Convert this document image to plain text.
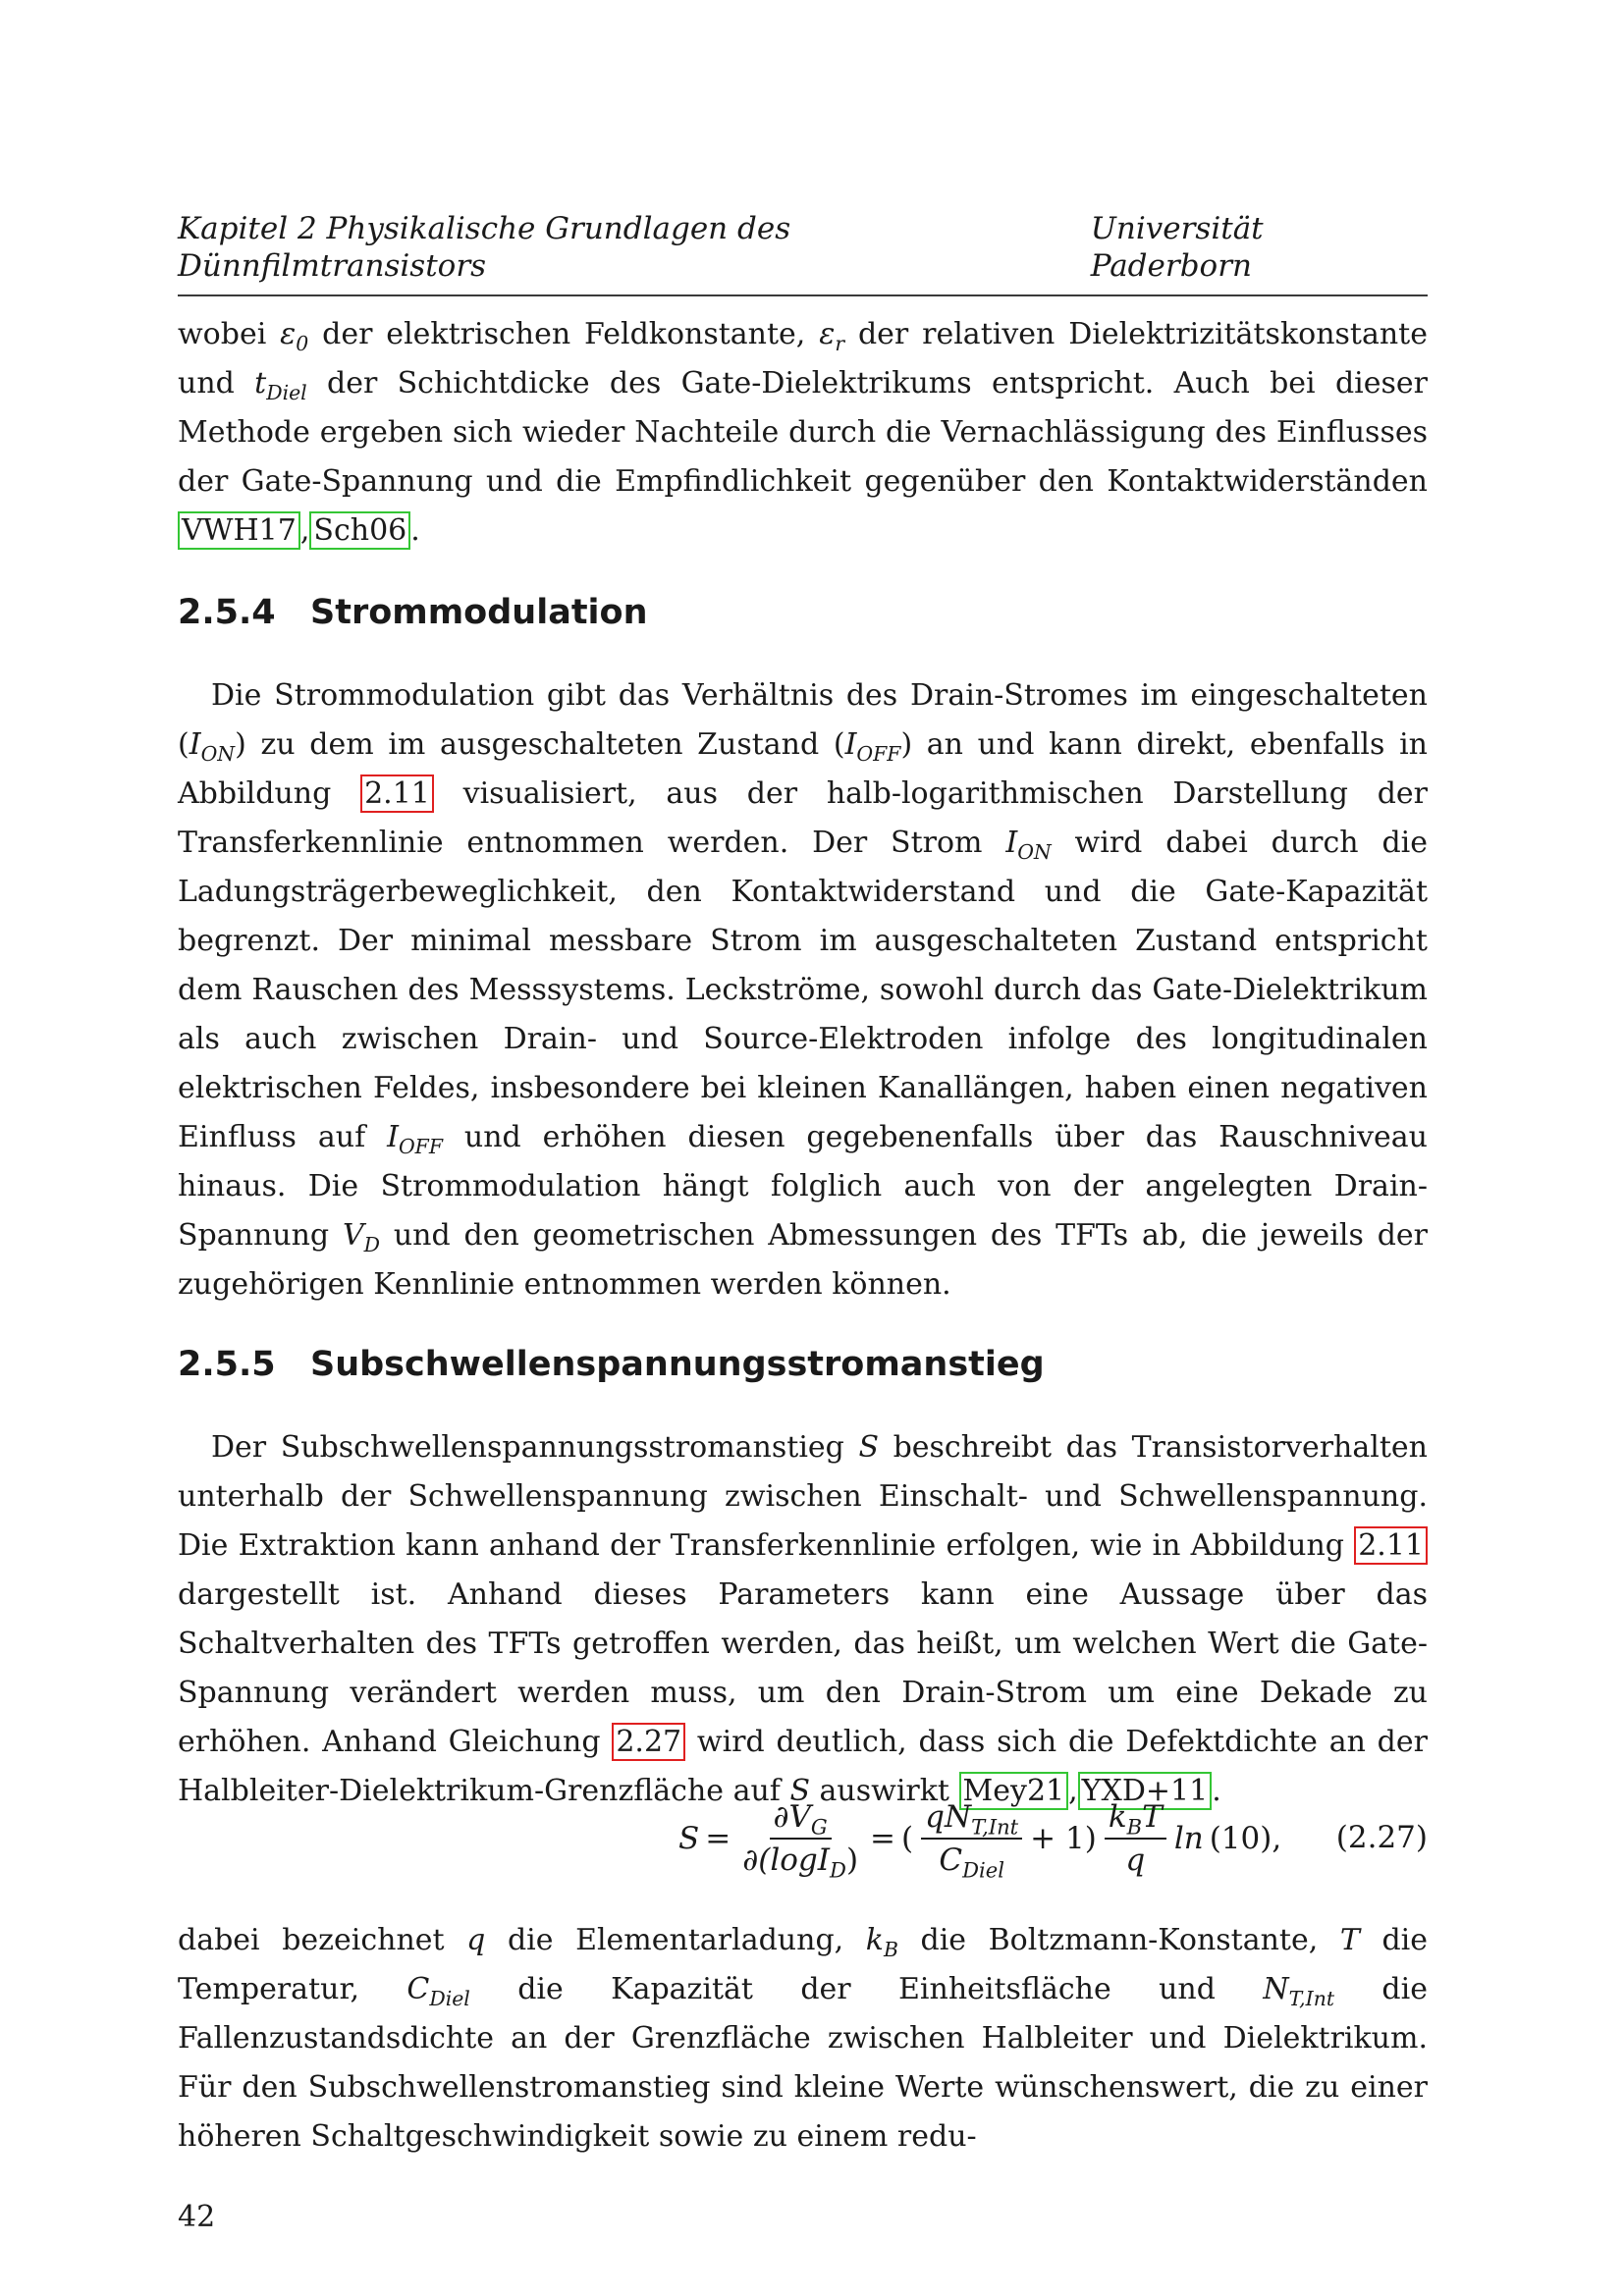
Kapitel 2 Physikalische Grundlagen des Dünnfilmtransistors
Universität Paderborn

wobei $\varepsilon_0$ der elektrischen Feldkonstante, $\varepsilon_r$ der relativen Dielektrizitätskonstante und $t_{Diel}$ der Schichtdicke des Gate-Dielektrikums entspricht. Auch bei dieser Methode ergeben sich wieder Nachteile durch die Vernachlässigung des Einflusses der Gate-Spannung und die Empfindlichkeit gegenüber den Kontaktwiderständen VWH17 , Sch06 .

2.5.4	Strommodulation

Die Strommodulation gibt das Verhältnis des Drain-Stromes im eingeschalteten $(I_{ON})$ zu dem im ausgeschalteten Zustand $(I_{OFF})$ an und kann direkt, ebenfalls in Abbildung 2.11 visualisiert, aus der halb-logarithmischen Darstellung der Transferkennlinie entnommen werden. Der Strom $I_{ON}$ wird dabei durch die Ladungsträgerbeweglichkeit, den Kontaktwiderstand und die Gate-Kapazität begrenzt. Der minimal messbare Strom im ausgeschalteten Zustand entspricht dem Rauschen des Messsystems. Leckströme, sowohl durch das Gate-Dielektrikum als auch zwischen Drain- und Source-Elektroden infolge des longitudinalen elektrischen Feldes, insbesondere bei kleinen Kanallängen, haben einen negativen Einfluss auf $I_{OFF}$ und erhöhen diesen gegebenenfalls über das Rauschniveau hinaus. Die Strommodulation hängt folglich auch von der angelegten Drain-Spannung $V_D$ und den geometrischen Abmessungen des TFTs ab, die jeweils der zugehörigen Kennlinie entnommen werden können.

2.5.5	Subschwellenspannungsstromanstieg

Der Subschwellenspannungsstromanstieg S beschreibt das Transistorverhalten unterhalb der Schwellenspannung zwischen Einschalt- und Schwellenspannung. Die Extraktion kann anhand der Transferkennlinie erfolgen, wie in Abbildung 2.11 dargestellt ist. Anhand dieses Parameters kann eine Aussage über das Schaltverhalten des TFTs getroffen werden, das heißt, um welchen Wert die Gate-Spannung verändert werden muss, um den Drain-Strom um eine Dekade zu erhöhen. Anhand Gleichung 2.27 wird deutlich, dass sich die Defektdichte an der Halbleiter-Dielektrikum-Grenzfläche auf S auswirkt Mey21 , YXD+11 .

$S = \frac{\partial V_G}{\partial(\log I_D)}$ = ( $\frac{qN_{T,Int}}{C_{Diel}} + 1) \frac{k_BT}{q}$ ln (10), (2.27)

dabei bezeichnet q die Elementarladung, $k_B$ die Boltzmann-Konstante, T die Temperatur, $C_{Diel}$ die Kapazität der Einheitsfläche und $N_{T,Int}$ die Fallenzustandsdichte an der Grenzfläche zwischen Halbleiter und Dielektrikum. Für den Subschwellenstromanstieg sind kleine Werte wünschenswert, die zu einer höheren Schaltgeschwindigkeit sowie zu einem redu-

42
